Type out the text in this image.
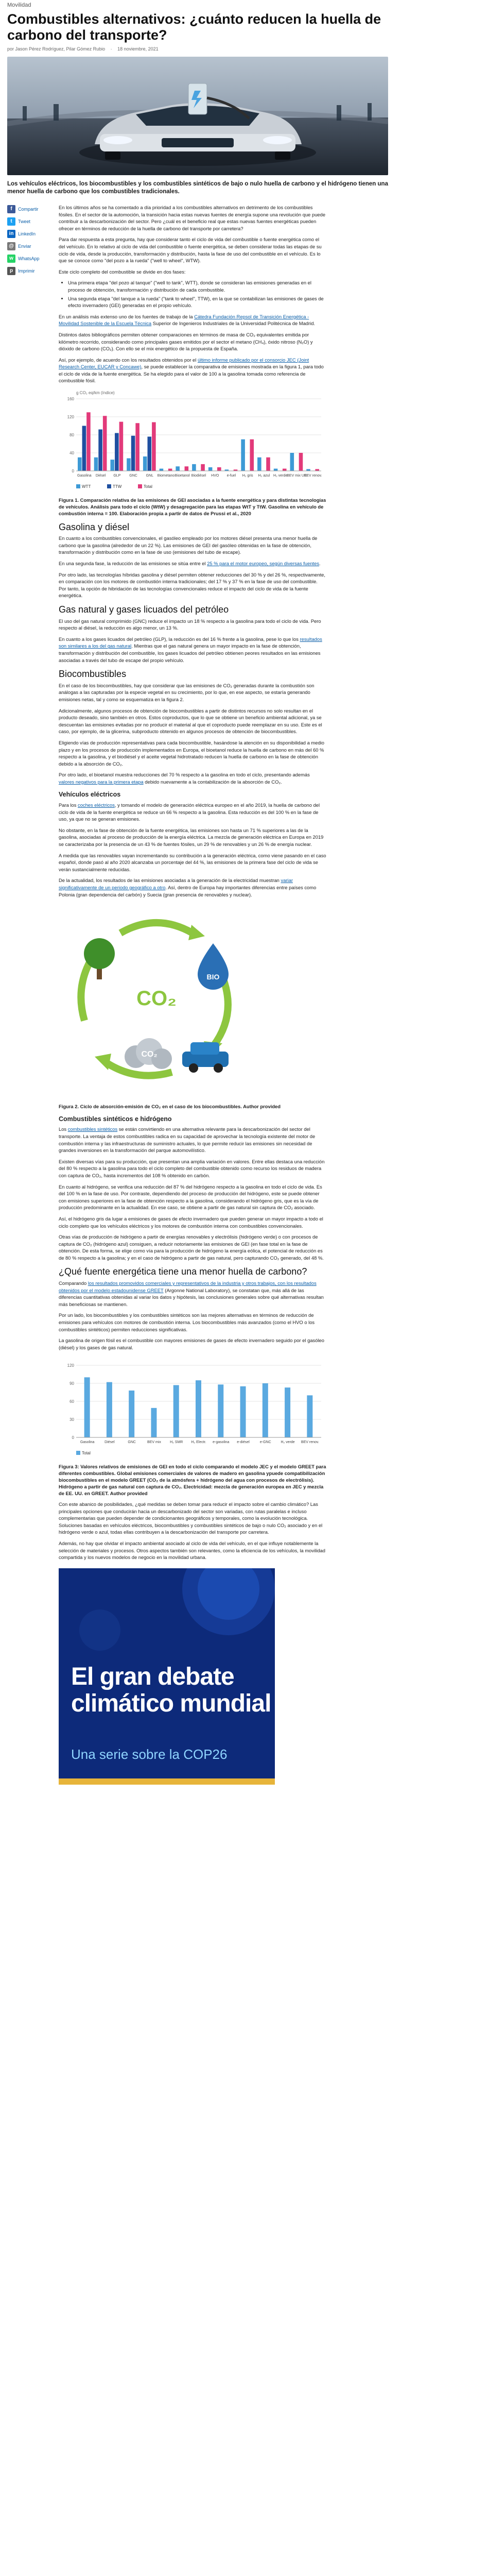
Movilidad
Combustibles alternativos: ¿cuánto reducen la huella de carbono del transporte?
por Jason Pérez Rodríguez, Pilar Gómez Rubio · 18 noviembre, 2021

Los vehículos eléctricos, los biocombustibles y los combustibles sintéticos de bajo o nulo huella de carbono y el hidrógeno tienen una menor huella de carbono que los combustibles tradicionales.

f	Compartir
t	Tweet
in LinkedIn
@ Enviar
w	WhatsApp
p	Imprimir

En los últimos años se ha comentado a día prioridad a los combustibles alternativos en detrimento de los combustibles fósiles. En el sector de la automoción, la transición hacia estas nuevas fuentes de energía supone una revolución que puede contribuir a la descarbonización del sector. Pero ¿cuál es el beneficio real que estas nuevas fuentes energéticas pueden ofrecer en términos de reducción de la huella de carbono del transporte por carretera?

Para dar respuesta a esta pregunta, hay que considerar tanto el ciclo de vida del combustible o fuente energética como el del vehículo. En lo relativo al ciclo de vida del combustible o fuente energética, se deben considerar todas las etapas de su ciclo de vida, desde la producción, transformación y distribución, hasta la fase de uso del combustible en el vehículo. Es lo que se conoce como "del pozo a la rueda" ("well to wheel", WTW).

Este ciclo completo del combustible se divide en dos fases:

• Una primera etapa "del pozo al tanque" ("well to tank", WTT), donde se consideran las emisiones generadas en el proceso de obtención, transformación y distribución de cada combustible.
• Una segunda etapa "del tanque a la rueda" ("tank to wheel", TTW), en la que se contabilizan las emisiones de gases de efecto invernadero (GEI) generadas en el propio vehículo.

En un análisis más extenso uno de los fuentes de trabajo de la Cátedra Fundación Repsol de Transición Energética - Movilidad Sostenible de la Escuela Técnica Superior de Ingenieros Industriales de la Universidad Politécnica de Madrid.

Distintos datos bibliográficos permiten obtener comparaciones en términos de masa de CO₂ equivalentes emitida por kilómetro recorrido, considerando como principales gases emitidos por el sector el metano (CH₄), óxido nitroso (N₂O) y dióxido de carbono (CO₂). Con ello se el mix energético de la propuesta de España.

Así, por ejemplo, de acuerdo con los resultados obtenidos por el último informe publicado por el consorcio JEC (Joint Research Center, EUCAR y Concawe), se puede establecer la comparativa de emisiones mostrada en la figura 1, para todo el ciclo de vida de la fuente energética. Se ha elegido para el valor de 100 a la gasolina tomada como referencia de combustible fósil.

0
40
80
120
160
Gasolina Diésel GLP GNC GNL Biometano Bioetanol Biodiésel HVO e-fuel H₂ gris H₂ azul H₂ verde
BEV mix UE
BEV renov.
WTT	TTW	Total
g CO₂ eq/km (índice)

Figura 1. Comparación relativa de las emisiones de GEI asociadas a la fuente energética y para distintas tecnologías de vehículos. Análisis para todo el ciclo (WtW) y desagregación para las etapas WtT y TtW. Gasolina en vehículo de combustión interna = 100. Elaboración propia a partir de datos de Prussi et al., 2020

Gasolina y diésel

En cuanto a los combustibles convencionales, el gasóleo empleado por los motores diésel presenta una menor huella de carbono que la gasolina (alrededor de un 22 %). Las emisiones de GEI del gasóleo obtenidas en la fase de obtención, transformación y distribución como en la fase de uso (emisiones del tubo de escape).

En una segunda fase, la reducción de las emisiones se sitúa entre el 25 % para el motor europeo, según diversas fuentes.

Por otro lado, las tecnologías híbridas gasolina y diésel permiten obtener reducciones del 30 % y del 26 %, respectivamente, en comparación con los motores de combustión interna tradicionales; del 17 % y 37 % en la fase de uso del combustible. Por tanto, la opción de hibridación de las tecnologías convencionales reduce el impacto del ciclo de vida de la fuente energética.

Gas natural y gases licuados del petróleo

El uso del gas natural comprimido (GNC) reduce el impacto un 18 % respecto a la gasolina para todo el ciclo de vida. Pero respecto al diésel, la reducción es algo menor, un 13 %.

En cuanto a los gases licuados del petróleo (GLP), la reducción es del 16 % frente a la gasolina, pese lo que los resultados son similares a los del gas natural. Mientras que el gas natural genera un mayor impacto en la fase de obtención, transformación y distribución del combustible, los gases licuados del petróleo obtienen peores resultados en las emisiones asociadas a través del tubo de escape del propio vehículo.

Biocombustibles

En el caso de los biocombustibles, hay que considerar que las emisiones de CO₂ generadas durante la combustión son análogas a las capturadas por la especie vegetal en su crecimiento, por lo que, en ese aspecto, se estaría generando emisiones netas, tal y como se esquematiza en la figura 2.

Adicionalmente, algunos procesos de obtención de biocombustibles a partir de distintos recursos no solo resultan en el producto deseado, sino también en otros. Estos coproductos, que lo que se obtiene un beneficio ambiental adicional, ya se descuentan las emisiones evitadas por no producir el material al que el coproducto puede reemplazar en su uso. Este es el caso, por ejemplo, de la glicerina, subproducto obtenido en algunos procesos de obtención de biocombustibles.

Eligiendo vías de producción representativas para cada biocombustible, hasándose la atención en su disponibilidad a medio plazo y en los procesos de producción implementados en Europa, el bioetanol reduce la huella de carbono en más del 60 % respecto a la gasolina, y el biodiésel y el aceite vegetal hidrotratado reducen la huella de carbono en la fase de obtención debido a la absorción de CO₂.

Por otro lado, el bioetanol muestra reducciones del 70 % respecto a la gasolina en todo el ciclo, presentando además valores negativos para la primera etapa debido nuevamente a la contabilización de la absorción de CO₂.

Vehículos eléctricos

Para los coches eléctricos, y tomando el modelo de generación eléctrica europeo en el año 2019, la huella de carbono del ciclo de vida de la fuente energética se reduce un 66 % respecto a la gasolina. Esta reducción es del 100 % en la fase de uso, ya que no se generan emisiones.

No obstante, en la fase de obtención de la fuente energética, las emisiones son hasta un 71 % superiores a las de la gasolina, asociadas al proceso de producción de la energía eléctrica. La mezcla de generación eléctrica en Europa en 2019 se caracterizaba por la presencia de un 43 % de fuentes fósiles, un 29 % de renovables y un 26 % de energía nuclear.

A medida que las renovables vayan incrementando su contribución a la generación eléctrica, como viene pasando en el caso español, donde pasó al año 2020 alcanzaba un porcentaje del 44 %, las emisiones de la primera fase del ciclo de vida se verán sustancialmente reducidas.

De la actualidad, los resultados de las emisiones asociadas a la generación de la electricidad muestran variar significativamente de un periodo geográfico a otro. Así, dentro de Europa hay importantes diferencias entre países como Polonia (gran dependencia del carbón) y Suecia (gran presencia de renovables y nuclear).

BIO
CO₂
CO₂

Figura 2. Ciclo de absorción-emisión de CO₂ en el caso de los biocombustibles. Author provided

Combustibles sintéticos e hidrógeno

Los combustibles sintéticos se están convirtiendo en una alternativa relevante para la descarbonización del sector del transporte. La ventaja de estos combustibles radica en su capacidad de aprovechar la tecnología existente del motor de combustión interna y las infraestructuras de suministro actuales, lo que permite reducir las emisiones sin necesidad de grandes inversiones en la transformación del parque automovilístico.

Existen diversas vías para su producción, que presentan una amplia variación en valores. Entre ellas destaca una reducción del 80 % respecto a la gasolina para todo el ciclo completo del combustible obtenido como recurso los residuos de madera con captura de CO₂, hasta incrementos del 108 % obtenido en carbón.

En cuanto al hidrógeno, se verifica una reducción del 87 % del hidrógeno respecto a la gasolina en todo el ciclo de vida. Es del 100 % en la fase de uso. Por contraste, dependiendo del proceso de producción del hidrógeno, este se puede obtener con emisiones superiores en la fase de obtención respecto a la gasolina, considerando el hidrógeno gris, que es la vía de producción predominante en la actualidad. En ese caso, se obtiene a partir de gas natural sin captura de CO₂ asociado.

Así, el hidrógeno gris da lugar a emisiones de gases de efecto invernadero que pueden generar un mayor impacto a todo el ciclo completo que los vehículos eléctricos y los motores de combustión interna con combustibles convencionales.

Otras vías de producción de hidrógeno a partir de energías renovables y electrólisis (hidrógeno verde) o con procesos de captura de CO₂ (hidrógeno azul) consiguen, a reducir notoriamente las emisiones de GEI (en fase total en la fase de obtención. De esta forma, se elige como vía para la producción de hidrógeno la energía eólica, el potencial de reducción es de 80 % respecto a la gasolina; y en el caso de hidrógeno a partir de gas natural, pero capturando CO₂ generado, del 48 %.

¿Qué fuente energética tiene una menor huella de carbono?

Comparando los resultados promovidos comerciales y representativos de la industria y otros trabajos, con los resultados obtenidos por el modelo estadounidense GREET (Argonne National Laboratory), se constatan que, más allá de las diferencias cuantitativas obtenidas al variar los datos y hipótesis, las conclusiones generales sobre qué alternativas resultan más beneficiosas se mantienen.

Por un lado, los biocombustibles y los combustibles sintéticos son las mejores alternativas en términos de reducción de emisiones para vehículos con motores de combustión interna. Los biocombustibles más avanzados (como el HVO o los combustibles sintéticos) permiten reducciones significativas.

La gasolina de origen fósil es el combustible con mayores emisiones de gases de efecto invernadero seguido por el gasóleo (diésel) y los gases de gas natural.

0
30
60
90
120
Gasolina	Diésel	GNC	BEV mix H₂ SMR H₂ Electr. e-gasolina e-diésel	e-GNC	H₂ verde BEV renov.
Total

Figura 3: Valores relativos de emisiones de GEI en todo el ciclo comparando el modelo JEC y el modelo GREET para diferentes combustibles. Global emisiones comerciales de valores de madero en gasolina ypuede compatibilización biocombustibles en el modelo GREET (CO₂ de la atmósfera + hidrógeno del agua con procesos de electrólisis). Hidrógeno a partir de gas natural con captura de CO₂. Electricidad: mezcla de generación europea en JEC y mezcla de EE. UU. en GREET. Author provided

Con este abanico de posibilidades, ¿qué medidas se deben tomar para reducir el impacto sobre el cambio climático? Las principales opciones que conducirán hacia un descarbonizado del sector son variadas, con rutas paralelas e incluso complementarias que pueden depender de condicionantes geográficos y temporales, como la evolución tecnológica. Soluciones basadas en vehículos eléctricos, biocombustibles y combustibles sintéticos de bajo o nulo CO₂ asociado y en el hidrógeno verde o azul, todas ellas contribuyen a la descarbonización del transporte por carretera.

Además, no hay que olvidar el impacto ambiental asociado al ciclo de vida del vehículo, en el que influye notablemente la selección de materiales y procesos. Otros aspectos también son relevantes, como la eficiencia de los vehículos, la movilidad compartida y los nuevos modelos de negocio en la movilidad urbana.

El gran debate climático mundial
Una serie sobre la COP26
